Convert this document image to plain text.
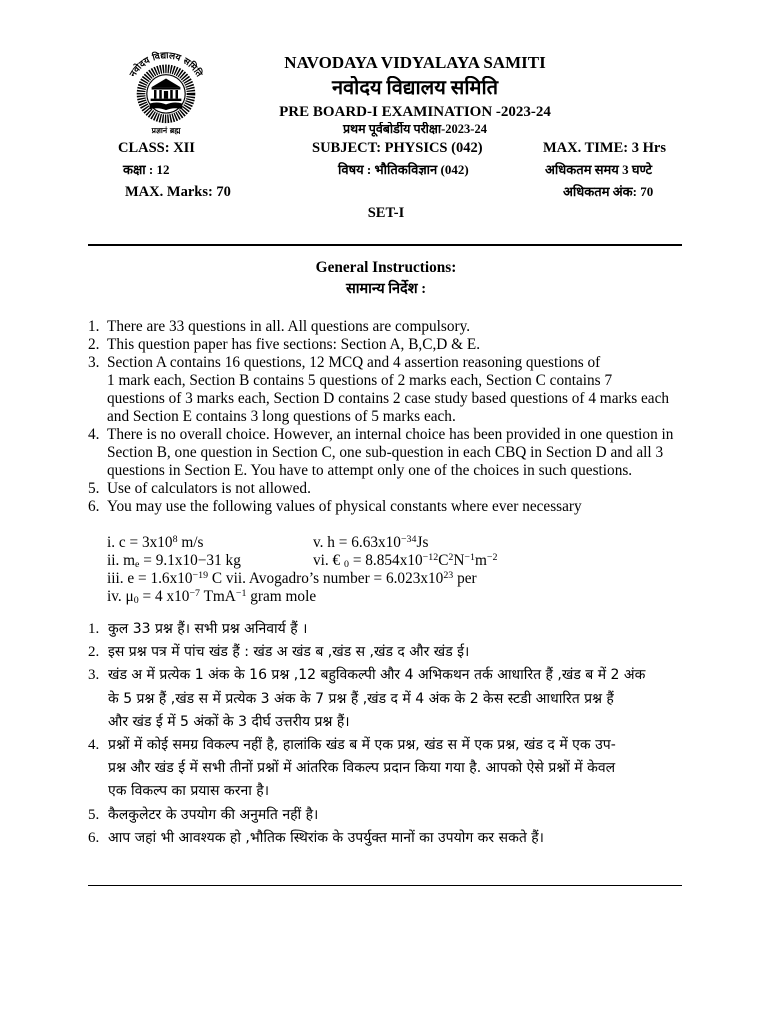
नवोदय विद्यालय समिति
प्रज्ञानं ब्रह्म
NAVODAYA VIDYALAYA SAMITI
नवोदय विद्यालय समिति
PRE BOARD-I EXAMINATION -2023-24
प्रथम पूर्वबोर्डीय परीक्षा-2023-24
CLASS: XII	SUBJECT: PHYSICS (042)	MAX. TIME: 3 Hrs
कक्षा : 12	विषय : भौतिकविज्ञान (042)	अधिकतम समय 3 घण्टे
MAX. Marks: 70	अधिकतम अंक: 70
SET-I
General Instructions:
सामान्य निर्देश :
1. There are 33 questions in all. All questions are compulsory.
2. This question paper has five sections: Section A, B,C,D & E.
3. Section A contains 16 questions, 12 MCQ and 4 assertion reasoning questions of
1 mark each, Section B contains 5 questions of 2 marks each, Section C contains 7
questions of 3 marks each, Section D contains 2 case study based questions of 4 marks each
and Section E contains 3 long questions of 5 marks each.
4. There is no overall choice. However, an internal choice has been provided in one question in
Section B, one question in Section C, one sub-question in each CBQ in Section D and all 3
questions in Section E. You have to attempt only one of the choices in such questions.
5. Use of calculators is not allowed.
6. You may use the following values of physical constants where ever necessary
i. $c = 3x10^8$ m/s	v. $h = 6.63x10^{-34}Js$
ii. $m_e = 9.1x10-31$ kg	vi. € $_0 = 8.854x10^{-12}C^2N^{-1}m^{-2}$
iii. $e = 1.6x10^{-19}$ C vii. Avogadro’s number = $6.023x10^{23}$ per
iv. $\mu_0 = 4$ $x10^{-7}$ TmA$^{-1}$ gram mole
1. कुल 33 प्रश्न हैं। सभी प्रश्न अनिवार्य हैं ।
2. इस प्रश्न पत्र में पांच खंड हैं : खंड अ खंड ब ,खंड स ,खंड द और खंड ई।
3. खंड अ में प्रत्येक 1 अंक के 16 प्रश्न ,12 बहुविकल्पी और 4 अभिकथन तर्क आधारित हैं ,खंड ब में 2 अंक
के 5 प्रश्न हैं ,खंड स में प्रत्येक 3 अंक के 7 प्रश्न हैं ,खंड द में 4 अंक के 2 केस स्टडी आधारित प्रश्न हैं
और खंड ई में 5 अंकों के 3 दीर्घ उत्तरीय प्रश्न हैं।
4. प्रश्नों में कोई समग्र विकल्प नहीं है, हालांकि खंड ब में एक प्रश्न, खंड स में एक प्रश्न, खंड द में एक उप-
प्रश्न और खंड ई में सभी तीनों प्रश्नों में आंतरिक विकल्प प्रदान किया गया है. आपको ऐसे प्रश्नों में केवल
एक विकल्प का प्रयास करना है।
5. कैलकुलेटर के उपयोग की अनुमति नहीं है।
6. आप जहां भी आवश्यक हो ,भौतिक स्थिरांक के उपर्युक्त मानों का उपयोग कर सकते हैं।
